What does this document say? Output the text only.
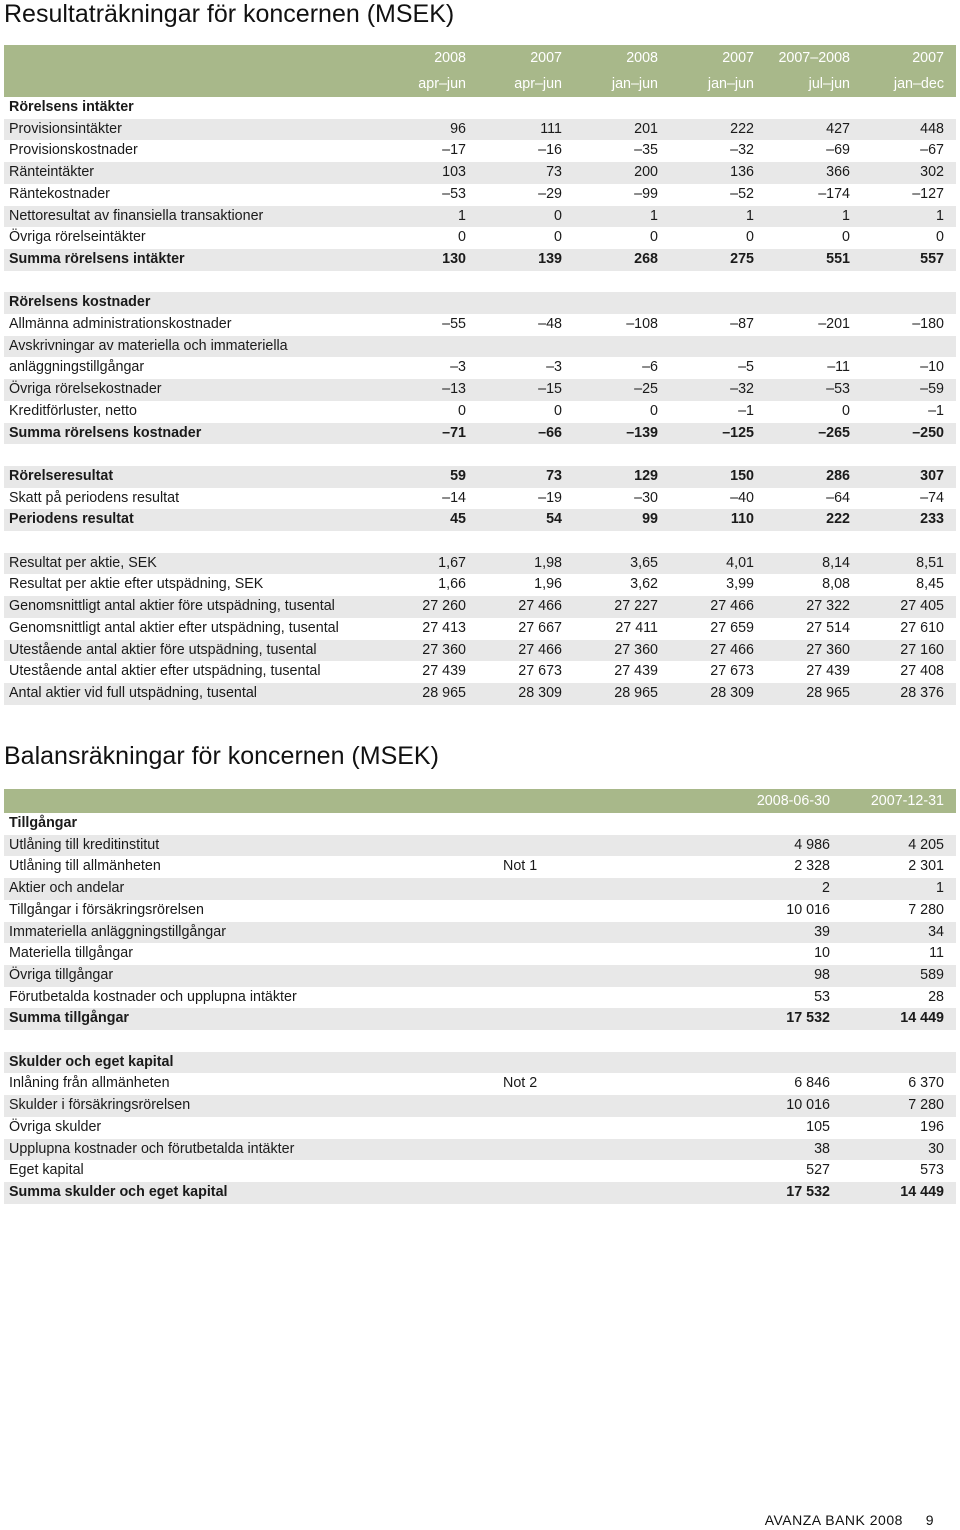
Resultaträkningar för koncernen (MSEK)
	2008	2007	2008	2007	2007–2008	2007
	apr–jun	apr–jun	jan–jun	jan–jun	jul–jun	jan–dec
Rörelsens intäkter						
Provisionsintäkter	96	111	201	222	427	448
Provisionskostnader	–17	–16	–35	–32	–69	–67
Ränteintäkter	103	73	200	136	366	302
Räntekostnader	–53	–29	–99	–52	–174	–127
Nettoresultat av finansiella transaktioner	1	0	1	1	1	1
Övriga rörelseintäkter	0	0	0	0	0	0
Summa rörelsens intäkter	130	139	268	275	551	557

Rörelsens kostnader						
Allmänna administrationskostnader	–55	–48	–108	–87	–201	–180
Avskrivningar av materiella och immateriella						
anläggningstillgångar	–3	–3	–6	–5	–11	–10
Övriga rörelsekostnader	–13	–15	–25	–32	–53	–59
Kreditförluster, netto	0	0	0	–1	0	–1
Summa rörelsens kostnader	–71	–66	–139	–125	–265	–250

Rörelseresultat	59	73	129	150	286	307
Skatt på periodens resultat	–14	–19	–30	–40	–64	–74
Periodens resultat	45	54	99	110	222	233

Resultat per aktie, SEK	1,67	1,98	3,65	4,01	8,14	8,51
Resultat per aktie efter utspädning, SEK	1,66	1,96	3,62	3,99	8,08	8,45
Genomsnittligt antal aktier före utspädning, tusental	27 260	27 466	27 227	27 466	27 322	27 405
Genomsnittligt antal aktier efter utspädning, tusental	27 413	27 667	27 411	27 659	27 514	27 610
Utestående antal aktier före utspädning, tusental	27 360	27 466	27 360	27 466	27 360	27 160
Utestående antal aktier efter utspädning, tusental	27 439	27 673	27 439	27 673	27 439	27 408
Antal aktier vid full utspädning, tusental	28 965	28 309	28 965	28 309	28 965	28 376
Balansräkningar för koncernen (MSEK)
		2008-06-30	2007-12-31
Tillgångar			
Utlåning till kreditinstitut		4 986	4 205
Utlåning till allmänheten	Not 1	2 328	2 301
Aktier och andelar		2	1
Tillgångar i försäkringsrörelsen		10 016	7 280
Immateriella anläggningstillgångar		39	34
Materiella tillgångar		10	11
Övriga tillgångar		98	589
Förutbetalda kostnader och upplupna intäkter		53	28
Summa tillgångar		17 532	14 449

Skulder och eget kapital			
Inlåning från allmänheten	Not 2	6 846	6 370
Skulder i försäkringsrörelsen		10 016	7 280
Övriga skulder		105	196
Upplupna kostnader och förutbetalda intäkter		38	30
Eget kapital		527	573
Summa skulder och eget kapital		17 532	14 449
AVANZA BANK 2008 9
